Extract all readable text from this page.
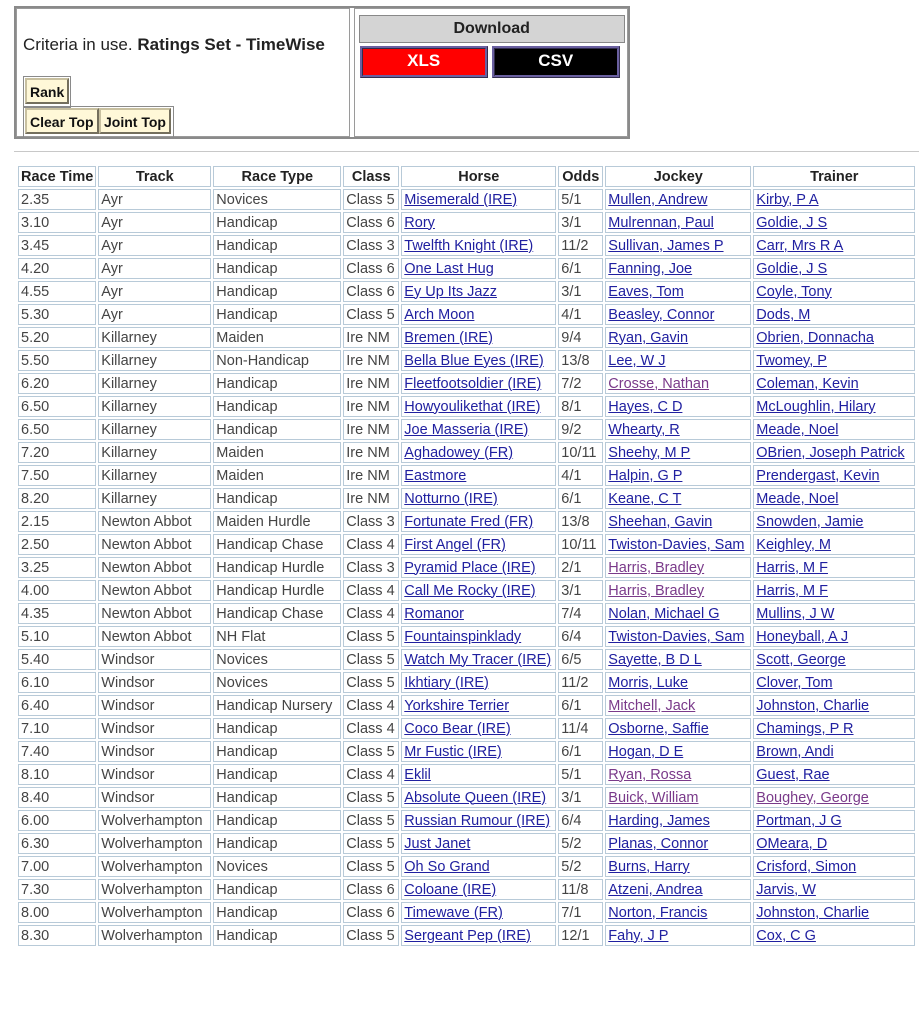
Criteria in use. Ratings Set - TimeWise
Rank
Clear Top Joint Top
Download
XLS	CSV
Race Time	Track	Race Type	Class	Horse	Odds	Jockey	Trainer
2.35	Ayr	Novices	Class 5	Misemerald (IRE)	5/1	Mullen, Andrew	Kirby, P A
3.10	Ayr	Handicap	Class 6	Rory	3/1	Mulrennan, Paul	Goldie, J S
3.45	Ayr	Handicap	Class 3	Twelfth Knight (IRE)	11/2	Sullivan, James P	Carr, Mrs R A
4.20	Ayr	Handicap	Class 6	One Last Hug	6/1	Fanning, Joe	Goldie, J S
4.55	Ayr	Handicap	Class 6	Ey Up Its Jazz	3/1	Eaves, Tom	Coyle, Tony
5.30	Ayr	Handicap	Class 5	Arch Moon	4/1	Beasley, Connor	Dods, M
5.20	Killarney	Maiden	Ire NM	Bremen (IRE)	9/4	Ryan, Gavin	Obrien, Donnacha
5.50	Killarney	Non-Handicap	Ire NM	Bella Blue Eyes (IRE)	13/8	Lee, W J	Twomey, P
6.20	Killarney	Handicap	Ire NM	Fleetfootsoldier (IRE)	7/2	Crosse, Nathan	Coleman, Kevin
6.50	Killarney	Handicap	Ire NM	Howyoulikethat (IRE)	8/1	Hayes, C D	McLoughlin, Hilary
6.50	Killarney	Handicap	Ire NM	Joe Masseria (IRE)	9/2	Whearty, R	Meade, Noel
7.20	Killarney	Maiden	Ire NM	Aghadowey (FR)	10/11	Sheehy, M P	OBrien, Joseph Patrick
7.50	Killarney	Maiden	Ire NM	Eastmore	4/1	Halpin, G P	Prendergast, Kevin
8.20	Killarney	Handicap	Ire NM	Notturno (IRE)	6/1	Keane, C T	Meade, Noel
2.15	Newton Abbot	Maiden Hurdle	Class 3	Fortunate Fred (FR)	13/8	Sheehan, Gavin	Snowden, Jamie
2.50	Newton Abbot	Handicap Chase	Class 4	First Angel (FR)	10/11	Twiston-Davies, Sam	Keighley, M
3.25	Newton Abbot	Handicap Hurdle	Class 3	Pyramid Place (IRE)	2/1	Harris, Bradley	Harris, M F
4.00	Newton Abbot	Handicap Hurdle	Class 4	Call Me Rocky (IRE)	3/1	Harris, Bradley	Harris, M F
4.35	Newton Abbot	Handicap Chase	Class 4	Romanor	7/4	Nolan, Michael G	Mullins, J W
5.10	Newton Abbot	NH Flat	Class 5	Fountainspinklady	6/4	Twiston-Davies, Sam	Honeyball, A J
5.40	Windsor	Novices	Class 5	Watch My Tracer (IRE)	6/5	Sayette, B D L	Scott, George
6.10	Windsor	Novices	Class 5	Ikhtiary (IRE)	11/2	Morris, Luke	Clover, Tom
6.40	Windsor	Handicap Nursery	Class 4	Yorkshire Terrier	6/1	Mitchell, Jack	Johnston, Charlie
7.10	Windsor	Handicap	Class 4	Coco Bear (IRE)	11/4	Osborne, Saffie	Chamings, P R
7.40	Windsor	Handicap	Class 5	Mr Fustic (IRE)	6/1	Hogan, D E	Brown, Andi
8.10	Windsor	Handicap	Class 4	Eklil	5/1	Ryan, Rossa	Guest, Rae
8.40	Windsor	Handicap	Class 5	Absolute Queen (IRE)	3/1	Buick, William	Boughey, George
6.00	Wolverhampton	Handicap	Class 5	Russian Rumour (IRE)	6/4	Harding, James	Portman, J G
6.30	Wolverhampton	Handicap	Class 5	Just Janet	5/2	Planas, Connor	OMeara, D
7.00	Wolverhampton	Novices	Class 5	Oh So Grand	5/2	Burns, Harry	Crisford, Simon
7.30	Wolverhampton	Handicap	Class 6	Coloane (IRE)	11/8	Atzeni, Andrea	Jarvis, W
8.00	Wolverhampton	Handicap	Class 6	Timewave (FR)	7/1	Norton, Francis	Johnston, Charlie
8.30	Wolverhampton	Handicap	Class 5	Sergeant Pep (IRE)	12/1	Fahy, J P	Cox, C G
